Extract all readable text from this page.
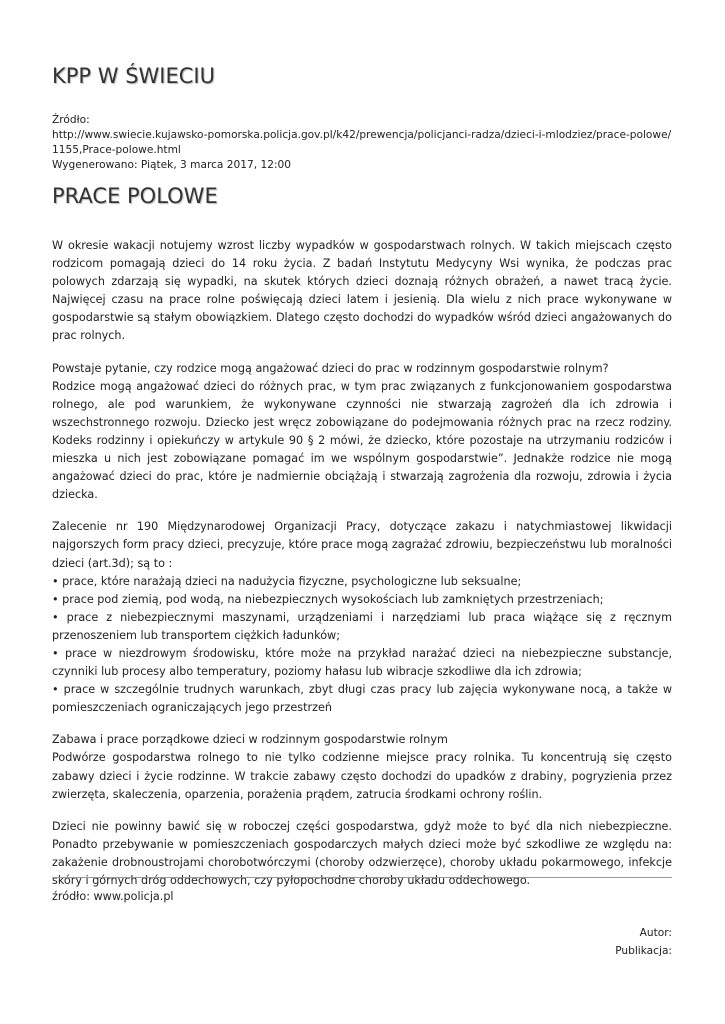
KPP W ŚWIECIU
Źródło:
http://www.swiecie.kujawsko-pomorska.policja.gov.pl/k42/prewencja/policjanci-radza/dzieci-i-mlodziez/prace-polowe/1155,Prace-polowe.html
Wygenerowano: Piątek, 3 marca 2017, 12:00
PRACE POLOWE

W okresie wakacji notujemy wzrost liczby wypadków w gospodarstwach rolnych. W takich miejscach często rodzicom pomagają dzieci do 14 roku życia. Z badań Instytutu Medycyny Wsi wynika, że podczas prac polowych zdarzają się wypadki, na skutek których dzieci doznają różnych obrażeń, a nawet tracą życie. Najwięcej czasu na prace rolne poświęcają dzieci latem i jesienią. Dla wielu z nich prace wykonywane w gospodarstwie są stałym obowiązkiem. Dlatego często dochodzi do wypadków wśród dzieci angażowanych do prac rolnych.

Powstaje pytanie, czy rodzice mogą angażować dzieci do prac w rodzinnym gospodarstwie rolnym?
Rodzice mogą angażować dzieci do różnych prac, w tym prac związanych z funkcjonowaniem gospodarstwa rolnego, ale pod warunkiem, że wykonywane czynności nie stwarzają zagrożeń dla ich zdrowia i wszechstronnego rozwoju. Dziecko jest wręcz zobowiązane do podejmowania różnych prac na rzecz rodziny. Kodeks rodzinny i opiekuńczy w artykule 90 § 2 mówi, że dziecko, które pozostaje na utrzymaniu rodziców i mieszka u nich jest zobowiązane pomagać im we wspólnym gospodarstwie”. Jednakże rodzice nie mogą angażować dzieci do prac, które je nadmiernie obciążają i stwarzają zagrożenia dla rozwoju, zdrowia i życia dziecka.

Zalecenie nr 190 Międzynarodowej Organizacji Pracy, dotyczące zakazu i natychmiastowej likwidacji najgorszych form pracy dzieci, precyzuje, które prace mogą zagrażać zdrowiu, bezpieczeństwu lub moralności dzieci (art.3d); są to :
• prace, które narażają dzieci na nadużycia fizyczne, psychologiczne lub seksualne;
• prace pod ziemią, pod wodą, na niebezpiecznych wysokościach lub zamkniętych przestrzeniach;
• prace z niebezpiecznymi maszynami, urządzeniami i narzędziami lub praca wiążące się z ręcznym przenoszeniem lub transportem ciężkich ładunków;
• prace w niezdrowym środowisku, które może na przykład narażać dzieci na niebezpieczne substancje, czynniki lub procesy albo temperatury, poziomy hałasu lub wibracje szkodliwe dla ich zdrowia;
• prace w szczególnie trudnych warunkach, zbyt długi czas pracy lub zajęcia wykonywane nocą, a także w pomieszczeniach ograniczających jego przestrzeń

Zabawa i prace porządkowe dzieci w rodzinnym gospodarstwie rolnym
Podwórze gospodarstwa rolnego to nie tylko codzienne miejsce pracy rolnika. Tu koncentrują się często zabawy dzieci i życie rodzinne. W trakcie zabawy często dochodzi do upadków z drabiny, pogryzienia przez zwierzęta, skaleczenia, oparzenia, porażenia prądem, zatrucia środkami ochrony roślin.

Dzieci nie powinny bawić się w roboczej części gospodarstwa, gdyż może to być dla nich niebezpieczne. Ponadto przebywanie w pomieszczeniach gospodarczych małych dzieci może być szkodliwe ze względu na: zakażenie drobnoustrojami chorobotwórczymi (choroby odzwierzęce), choroby układu pokarmowego, infekcje skóry i górnych dróg oddechowych, czy pyłopochodne choroby układu oddechowego.

źródło: www.policja.pl
Autor:
Publikacja:
